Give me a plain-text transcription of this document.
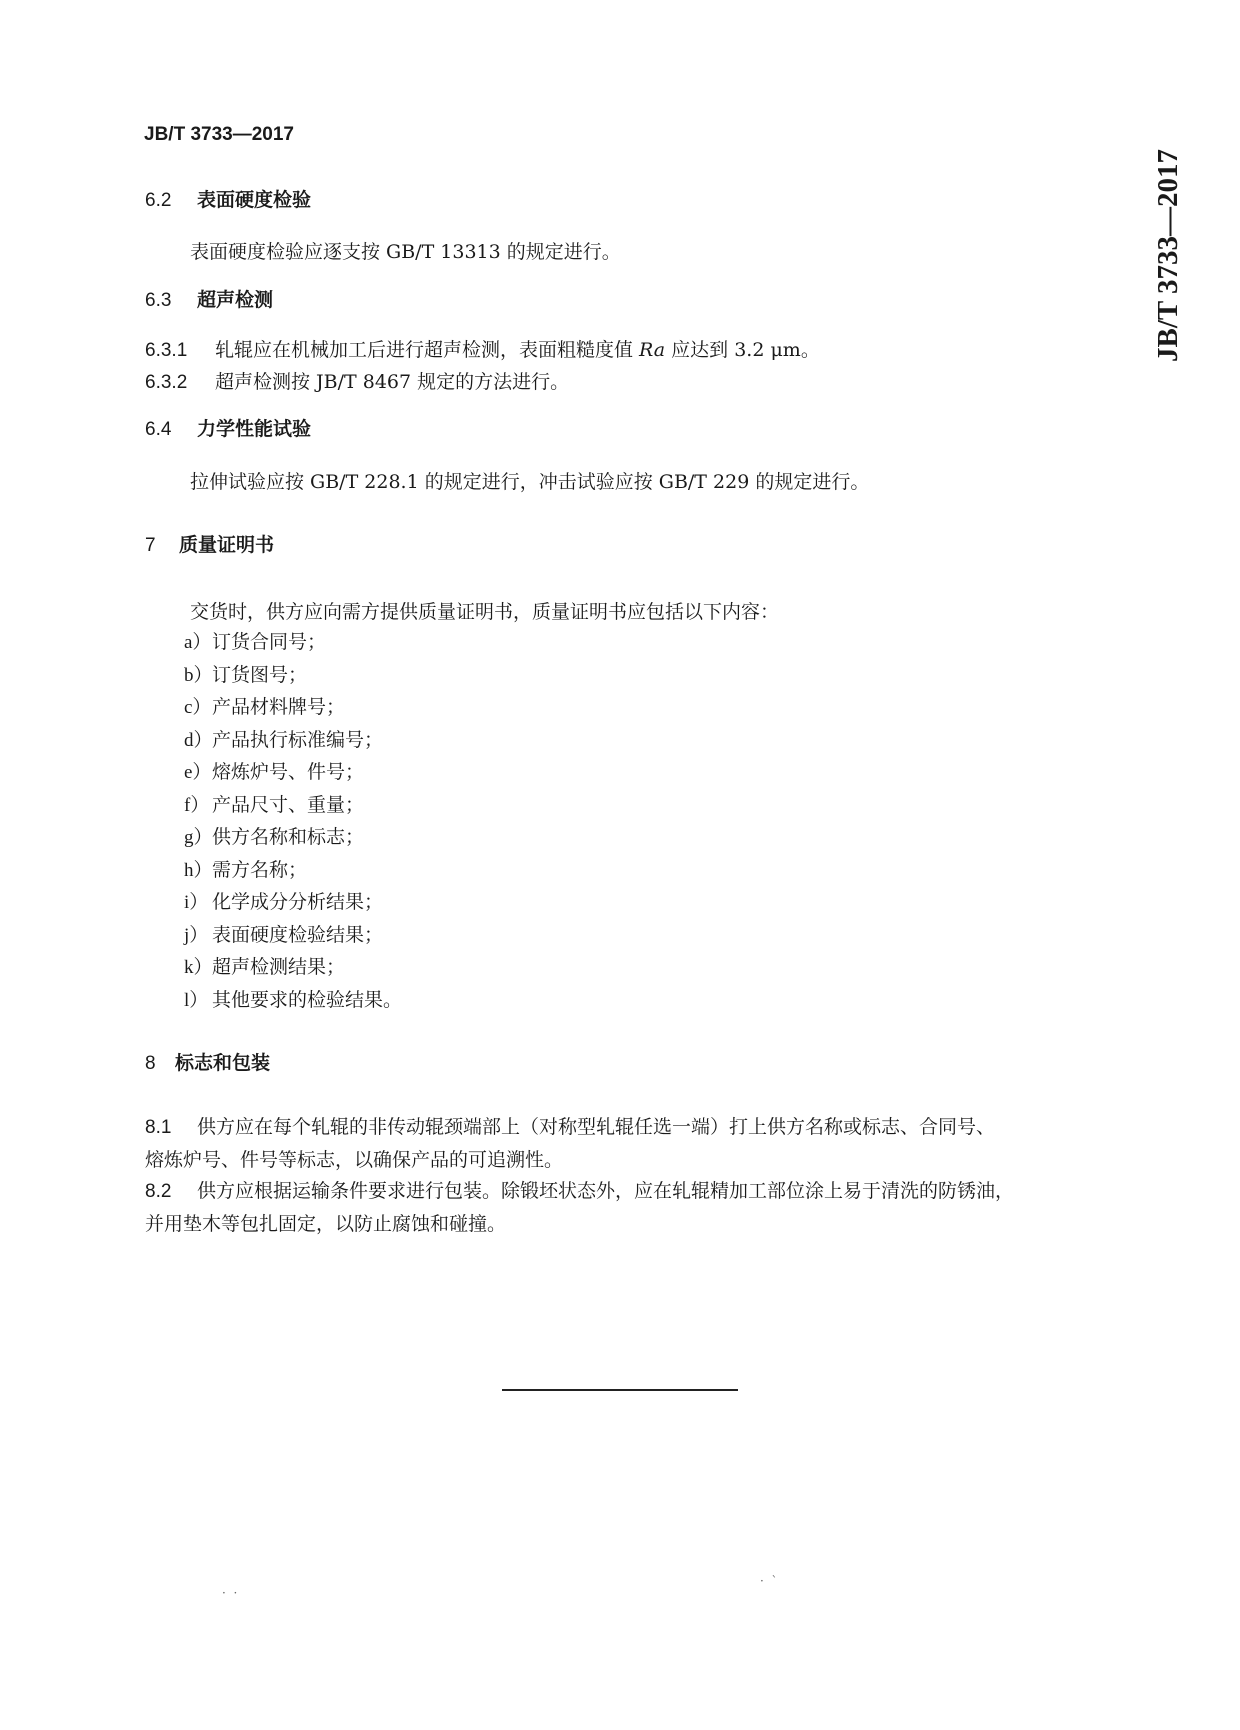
JB/T 3733—2017
JB/T 3733—2017
6.2 表面硬度检验
表面硬度检验应逐支按 GB/T 13313 的规定进行。
6.3 超声检测
6.3.1 轧辊应在机械加工后进行超声检测，表面粗糙度值 Ra 应达到 3.2 μm。
6.3.2 超声检测按 JB/T 8467 规定的方法进行。
6.4 力学性能试验
拉伸试验应按 GB/T 228.1 的规定进行，冲击试验应按 GB/T 229 的规定进行。
7 质量证明书
交货时，供方应向需方提供质量证明书，质量证明书应包括以下内容：
a）订货合同号；
b）订货图号；
c）产品材料牌号；
d）产品执行标准编号；
e）熔炼炉号、件号；
f） 产品尺寸、重量；
g）供方名称和标志；
h）需方名称；
i） 化学成分分析结果；
j） 表面硬度检验结果；
k）超声检测结果；
l） 其他要求的检验结果。
8 标志和包装
8.1 供方应在每个轧辊的非传动辊颈端部上（对称型轧辊任选一端）打上供方名称或标志、合同号、
熔炼炉号、件号等标志，以确保产品的可追溯性。
8.2 供方应根据运输条件要求进行包装。除锻坯状态外，应在轧辊精加工部位涂上易于清洗的防锈油，
并用垫木等包扎固定，以防止腐蚀和碰撞。
·  ·
·  `
